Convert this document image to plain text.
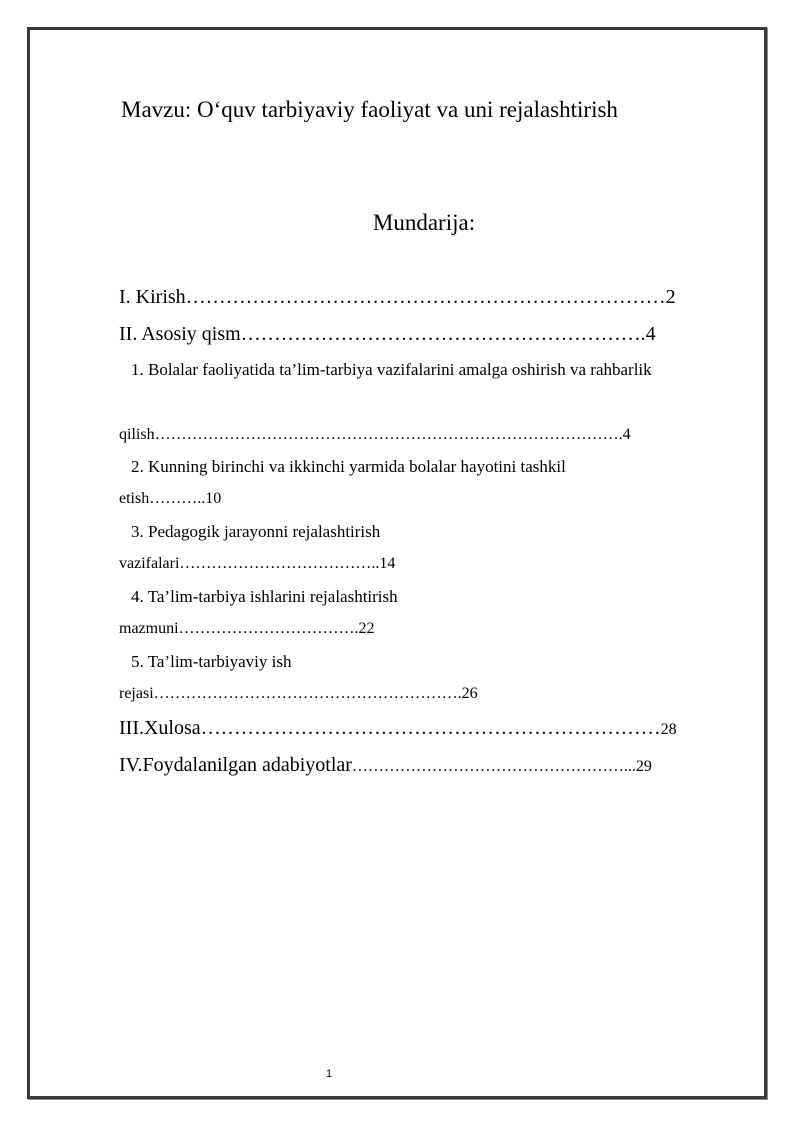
Mavzu: O‘quv tarbiyaviy faoliyat va uni rejalashtirish

Mundarija:

I. Kirish………………………………………………………………2

II. Asosiy qism…………………………………………………….4

1. Bolalar faoliyatida ta’lim-tarbiya vazifalarini amalga oshirish va rahbarlik

qilish…………………………………………………………………………….4

2. Kunning birinchi va ikkinchi yarmida bolalar hayotini tashkil

etish………..10

3. Pedagogik jarayonni rejalashtirish

vazifalari………………………………..14

4. Ta’lim-tarbiya ishlarini rejalashtirish

mazmuni…………………………….22

5. Ta’lim-tarbiyaviy ish

rejasi………………………………………………….26

III.Xulosa……………………………………………………………28

IV.Foydalanilgan adabiyotlar……………………………………………...29

1
